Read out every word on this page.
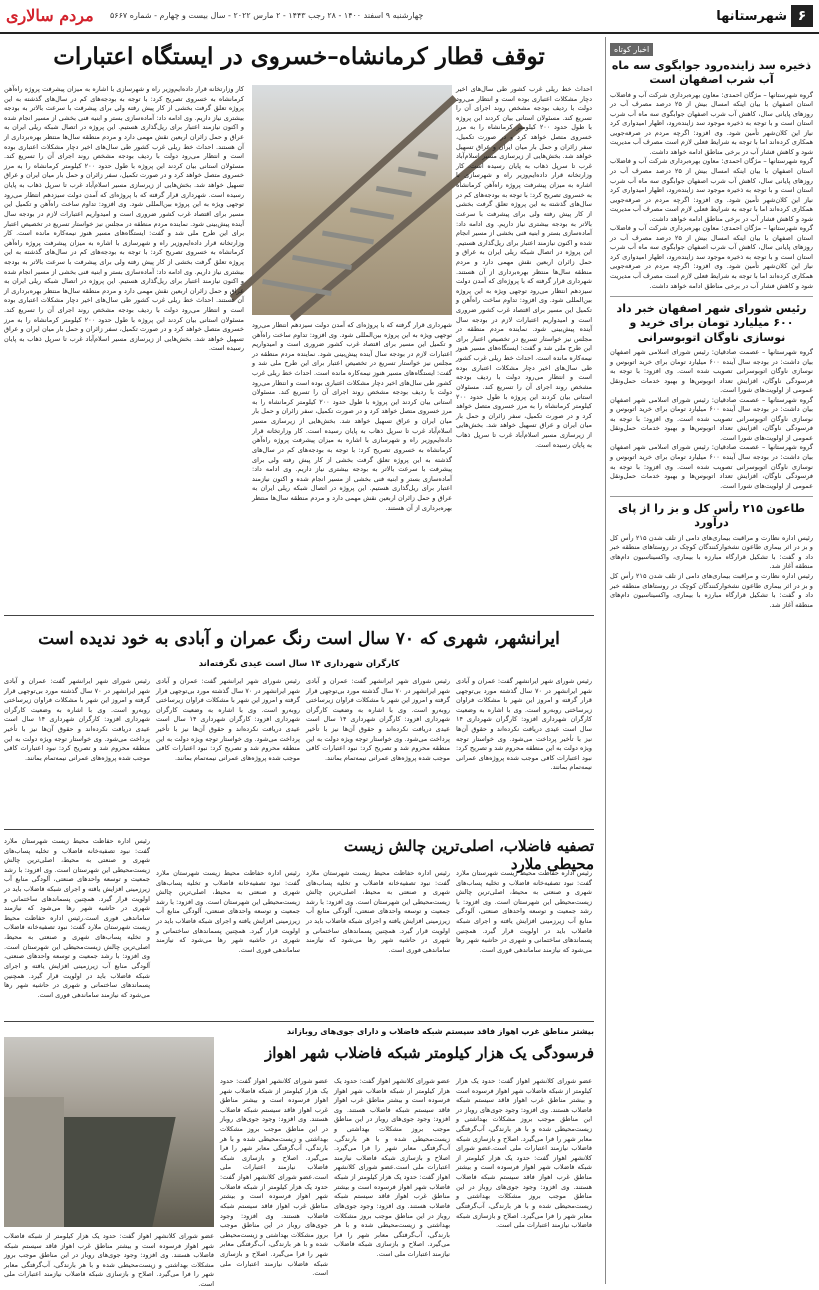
مردم سالاری چهارشنبه ۹ اسفند ۱۴۰۰ - ۲۸ رجب ۱۴۴۳ - ۲ مارس ۲۰۲۲ - سال بیست و چهارم - شماره ۵۶۶۷	شهرستانها ۶
اخبار کوتاه
ذخیره سد زاینده‌رود جوابگوی سه ماه آب شرب اصفهان است
گروه شهرستانها – مژگان احمدی: معاون بهره‌برداری شرکت آب و فاضلاب استان اصفهان با بیان اینکه امسال بیش از ۲۵ درصد مصرف آب در روزهای پایانی سال، کاهش آب شرب اصفهان جوابگوی سه ماه آب شرب استان است و با توجه به ذخیره موجود سد زاینده‌رود، اظهار امیدواری کرد نیاز این کلان‌شهر تأمین شود. وی افزود: اگرچه مردم در صرفه‌جویی همکاری کرده‌اند اما با توجه به شرایط فعلی لازم است مصرف آب مدیریت شود و کاهش فشار آب در برخی مناطق ادامه خواهد داشت.
گروه شهرستانها – مژگان احمدی: معاون بهره‌برداری شرکت آب و فاضلاب استان اصفهان با بیان اینکه امسال بیش از ۲۵ درصد مصرف آب در روزهای پایانی سال، کاهش آب شرب اصفهان جوابگوی سه ماه آب شرب استان است و با توجه به ذخیره موجود سد زاینده‌رود، اظهار امیدواری کرد نیاز این کلان‌شهر تأمین شود. وی افزود: اگرچه مردم در صرفه‌جویی همکاری کرده‌اند اما با توجه به شرایط فعلی لازم است مصرف آب مدیریت شود و کاهش فشار آب در برخی مناطق ادامه خواهد داشت.
گروه شهرستانها – مژگان احمدی: معاون بهره‌برداری شرکت آب و فاضلاب استان اصفهان با بیان اینکه امسال بیش از ۲۵ درصد مصرف آب در روزهای پایانی سال، کاهش آب شرب اصفهان جوابگوی سه ماه آب شرب استان است و با توجه به ذخیره موجود سد زاینده‌رود، اظهار امیدواری کرد نیاز این کلان‌شهر تأمین شود. وی افزود: اگرچه مردم در صرفه‌جویی همکاری کرده‌اند اما با توجه به شرایط فعلی لازم است مصرف آب مدیریت شود و کاهش فشار آب در برخی مناطق ادامه خواهد داشت.
رئیس شورای شهر اصفهان خبر داد ۶۰۰ میلیارد تومان برای خرید و نوسازی ناوگان اتوبوسرانی
گروه شهرستانها – عصمت صادقیان: رئیس شورای اسلامی شهر اصفهان بیان داشت: در بودجه سال آینده ۶۰۰ میلیارد تومان برای خرید اتوبوس و نوسازی ناوگان اتوبوسرانی تصویب شده است. وی افزود: با توجه به فرسودگی ناوگان، افزایش تعداد اتوبوس‌ها و بهبود خدمات حمل‌ونقل عمومی از اولویت‌های شورا است.
گروه شهرستانها – عصمت صادقیان: رئیس شورای اسلامی شهر اصفهان بیان داشت: در بودجه سال آینده ۶۰۰ میلیارد تومان برای خرید اتوبوس و نوسازی ناوگان اتوبوسرانی تصویب شده است. وی افزود: با توجه به فرسودگی ناوگان، افزایش تعداد اتوبوس‌ها و بهبود خدمات حمل‌ونقل عمومی از اولویت‌های شورا است.
گروه شهرستانها – عصمت صادقیان: رئیس شورای اسلامی شهر اصفهان بیان داشت: در بودجه سال آینده ۶۰۰ میلیارد تومان برای خرید اتوبوس و نوسازی ناوگان اتوبوسرانی تصویب شده است. وی افزود: با توجه به فرسودگی ناوگان، افزایش تعداد اتوبوس‌ها و بهبود خدمات حمل‌ونقل عمومی از اولویت‌های شورا است.
طاعون ۲۱۵ رأس کل و بز را از پای درآورد
رئیس اداره نظارت و مراقبت بیماری‌های دامی از تلف شدن ۲۱۵ رأس کل و بز در اثر بیماری طاعون نشخوارکنندگان کوچک در روستاهای منطقه خبر داد و گفت: با تشکیل قرارگاه مبارزه با بیماری، واکسیناسیون دام‌های منطقه آغاز شد.
رئیس اداره نظارت و مراقبت بیماری‌های دامی از تلف شدن ۲۱۵ رأس کل و بز در اثر بیماری طاعون نشخوارکنندگان کوچک در روستاهای منطقه خبر داد و گفت: با تشکیل قرارگاه مبارزه با بیماری، واکسیناسیون دام‌های منطقه آغاز شد.
توقف قطار کرمانشاه–خسروی در ایستگاه اعتبارات
احداث خط ریلی غرب کشور طی سال‌های اخیر دچار مشکلات اعتباری بوده است و انتظار می‌رود دولت با ردیف بودجه مشخص روند اجرای آن را تسریع کند. مسئولان استانی بیان کردند این پروژه با طول حدود ۲۰۰ کیلومتر کرمانشاه را به مرز خسروی متصل خواهد کرد و در صورت تکمیل، سفر زائران و حمل بار میان ایران و عراق تسهیل خواهد شد. بخش‌هایی از زیرسازی مسیر اسلام‌آباد غرب تا سرپل ذهاب به پایان رسیده است. کار وزارتخانه قرار داده‌ایم‌وزیر راه و شهرسازی با اشاره به میزان پیشرفت پروژه راه‌آهن کرمانشاه به خسروی تصریح کرد: با توجه به بودجه‌های کم در سال‌های گذشته به این پروژه تعلق گرفت بخشی از کار پیش رفته ولی برای پیشرفت با سرعت بالاتر به بودجه بیشتری نیاز داریم. وی ادامه داد: آماده‌سازی بستر و ابنیه فنی بخشی از مسیر انجام شده و اکنون نیازمند اعتبار برای ریل‌گذاری هستیم. این پروژه در اتصال شبکه ریلی ایران به عراق و حمل زائران اربعین نقش مهمی دارد و مردم منطقه سال‌ها منتظر بهره‌برداری از آن هستند. شهرداری قرار گرفته که با پروژه‌ای که آمدن دولت سیزدهم انتظار می‌رود توجهی ویژه به این پروژه بین‌المللی شود. وی افزود: تداوم ساخت راه‌آهن و تکمیل این مسیر برای اقتصاد غرب کشور ضروری است و امیدواریم اعتبارات لازم در بودجه سال آینده پیش‌بینی شود. نماینده مردم منطقه در مجلس نیز خواستار تسریع در تخصیص اعتبار برای این طرح ملی شد و گفت: ایستگاه‌های مسیر هنوز نیمه‌کاره مانده است. احداث خط ریلی غرب کشور طی سال‌های اخیر دچار مشکلات اعتباری بوده است و انتظار می‌رود دولت با ردیف بودجه مشخص روند اجرای آن را تسریع کند. مسئولان استانی بیان کردند این پروژه با طول حدود ۲۰۰ کیلومتر کرمانشاه را به مرز خسروی متصل خواهد کرد و در صورت تکمیل، سفر زائران و حمل بار میان ایران و عراق تسهیل خواهد شد. بخش‌هایی از زیرسازی مسیر اسلام‌آباد غرب تا سرپل ذهاب به پایان رسیده است.
شهرداری قرار گرفته که با پروژه‌ای که آمدن دولت سیزدهم انتظار می‌رود توجهی ویژه به این پروژه بین‌المللی شود. وی افزود: تداوم ساخت راه‌آهن و تکمیل این مسیر برای اقتصاد غرب کشور ضروری است و امیدواریم اعتبارات لازم در بودجه سال آینده پیش‌بینی شود. نماینده مردم منطقه در مجلس نیز خواستار تسریع در تخصیص اعتبار برای این طرح ملی شد و گفت: ایستگاه‌های مسیر هنوز نیمه‌کاره مانده است. احداث خط ریلی غرب کشور طی سال‌های اخیر دچار مشکلات اعتباری بوده است و انتظار می‌رود دولت با ردیف بودجه مشخص روند اجرای آن را تسریع کند. مسئولان استانی بیان کردند این پروژه با طول حدود ۲۰۰ کیلومتر کرمانشاه را به مرز خسروی متصل خواهد کرد و در صورت تکمیل، سفر زائران و حمل بار میان ایران و عراق تسهیل خواهد شد. بخش‌هایی از زیرسازی مسیر اسلام‌آباد غرب تا سرپل ذهاب به پایان رسیده است. کار وزارتخانه قرار داده‌ایم‌وزیر راه و شهرسازی با اشاره به میزان پیشرفت پروژه راه‌آهن کرمانشاه به خسروی تصریح کرد: با توجه به بودجه‌های کم در سال‌های گذشته به این پروژه تعلق گرفت بخشی از کار پیش رفته ولی برای پیشرفت با سرعت بالاتر به بودجه بیشتری نیاز داریم. وی ادامه داد: آماده‌سازی بستر و ابنیه فنی بخشی از مسیر انجام شده و اکنون نیازمند اعتبار برای ریل‌گذاری هستیم. این پروژه در اتصال شبکه ریلی ایران به عراق و حمل زائران اربعین نقش مهمی دارد و مردم منطقه سال‌ها منتظر بهره‌برداری از آن هستند.
کار وزارتخانه قرار داده‌ایم‌وزیر راه و شهرسازی با اشاره به میزان پیشرفت پروژه راه‌آهن کرمانشاه به خسروی تصریح کرد: با توجه به بودجه‌های کم در سال‌های گذشته به این پروژه تعلق گرفت بخشی از کار پیش رفته ولی برای پیشرفت با سرعت بالاتر به بودجه بیشتری نیاز داریم. وی ادامه داد: آماده‌سازی بستر و ابنیه فنی بخشی از مسیر انجام شده و اکنون نیازمند اعتبار برای ریل‌گذاری هستیم. این پروژه در اتصال شبکه ریلی ایران به عراق و حمل زائران اربعین نقش مهمی دارد و مردم منطقه سال‌ها منتظر بهره‌برداری از آن هستند. احداث خط ریلی غرب کشور طی سال‌های اخیر دچار مشکلات اعتباری بوده است و انتظار می‌رود دولت با ردیف بودجه مشخص روند اجرای آن را تسریع کند. مسئولان استانی بیان کردند این پروژه با طول حدود ۲۰۰ کیلومتر کرمانشاه را به مرز خسروی متصل خواهد کرد و در صورت تکمیل، سفر زائران و حمل بار میان ایران و عراق تسهیل خواهد شد. بخش‌هایی از زیرسازی مسیر اسلام‌آباد غرب تا سرپل ذهاب به پایان رسیده است. شهرداری قرار گرفته که با پروژه‌ای که آمدن دولت سیزدهم انتظار می‌رود توجهی ویژه به این پروژه بین‌المللی شود. وی افزود: تداوم ساخت راه‌آهن و تکمیل این مسیر برای اقتصاد غرب کشور ضروری است و امیدواریم اعتبارات لازم در بودجه سال آینده پیش‌بینی شود. نماینده مردم منطقه در مجلس نیز خواستار تسریع در تخصیص اعتبار برای این طرح ملی شد و گفت: ایستگاه‌های مسیر هنوز نیمه‌کاره مانده است. کار وزارتخانه قرار داده‌ایم‌وزیر راه و شهرسازی با اشاره به میزان پیشرفت پروژه راه‌آهن کرمانشاه به خسروی تصریح کرد: با توجه به بودجه‌های کم در سال‌های گذشته به این پروژه تعلق گرفت بخشی از کار پیش رفته ولی برای پیشرفت با سرعت بالاتر به بودجه بیشتری نیاز داریم. وی ادامه داد: آماده‌سازی بستر و ابنیه فنی بخشی از مسیر انجام شده و اکنون نیازمند اعتبار برای ریل‌گذاری هستیم. این پروژه در اتصال شبکه ریلی ایران به عراق و حمل زائران اربعین نقش مهمی دارد و مردم منطقه سال‌ها منتظر بهره‌برداری از آن هستند. احداث خط ریلی غرب کشور طی سال‌های اخیر دچار مشکلات اعتباری بوده است و انتظار می‌رود دولت با ردیف بودجه مشخص روند اجرای آن را تسریع کند. مسئولان استانی بیان کردند این پروژه با طول حدود ۲۰۰ کیلومتر کرمانشاه را به مرز خسروی متصل خواهد کرد و در صورت تکمیل، سفر زائران و حمل بار میان ایران و عراق تسهیل خواهد شد. بخش‌هایی از زیرسازی مسیر اسلام‌آباد غرب تا سرپل ذهاب به پایان رسیده است.
ایرانشهر، شهری که ۷۰ سال است رنگ عمران و آبادی به خود ندیده است
کارگران شهرداری ۱۴ سال است عیدی نگرفته‌اند
رئیس شورای شهر ایرانشهر گفت: عمران و آبادی شهر ایرانشهر در ۷۰ سال گذشته مورد بی‌توجهی قرار گرفته و امروز این شهر با مشکلات فراوان زیرساختی روبه‌رو است. وی با اشاره به وضعیت کارگران شهرداری افزود: کارگران شهرداری ۱۴ سال است عیدی دریافت نکرده‌اند و حقوق آن‌ها نیز با تأخیر پرداخت می‌شود. وی خواستار توجه ویژه دولت به این منطقه محروم شد و تصریح کرد: نبود اعتبارات کافی موجب شده پروژه‌های عمرانی نیمه‌تمام بمانند.
رئیس شورای شهر ایرانشهر گفت: عمران و آبادی شهر ایرانشهر در ۷۰ سال گذشته مورد بی‌توجهی قرار گرفته و امروز این شهر با مشکلات فراوان زیرساختی روبه‌رو است. وی با اشاره به وضعیت کارگران شهرداری افزود: کارگران شهرداری ۱۴ سال است عیدی دریافت نکرده‌اند و حقوق آن‌ها نیز با تأخیر پرداخت می‌شود. وی خواستار توجه ویژه دولت به این منطقه محروم شد و تصریح کرد: نبود اعتبارات کافی موجب شده پروژه‌های عمرانی نیمه‌تمام بمانند.
رئیس شورای شهر ایرانشهر گفت: عمران و آبادی شهر ایرانشهر در ۷۰ سال گذشته مورد بی‌توجهی قرار گرفته و امروز این شهر با مشکلات فراوان زیرساختی روبه‌رو است. وی با اشاره به وضعیت کارگران شهرداری افزود: کارگران شهرداری ۱۴ سال است عیدی دریافت نکرده‌اند و حقوق آن‌ها نیز با تأخیر پرداخت می‌شود. وی خواستار توجه ویژه دولت به این منطقه محروم شد و تصریح کرد: نبود اعتبارات کافی موجب شده پروژه‌های عمرانی نیمه‌تمام بمانند.
رئیس شورای شهر ایرانشهر گفت: عمران و آبادی شهر ایرانشهر در ۷۰ سال گذشته مورد بی‌توجهی قرار گرفته و امروز این شهر با مشکلات فراوان زیرساختی روبه‌رو است. وی با اشاره به وضعیت کارگران شهرداری افزود: کارگران شهرداری ۱۴ سال است عیدی دریافت نکرده‌اند و حقوق آن‌ها نیز با تأخیر پرداخت می‌شود. وی خواستار توجه ویژه دولت به این منطقه محروم شد و تصریح کرد: نبود اعتبارات کافی موجب شده پروژه‌های عمرانی نیمه‌تمام بمانند.
تصفیه فاضلاب، اصلی‌ترین چالش زیست محیطی ملارد
رئیس اداره حفاظت محیط زیست شهرستان ملارد گفت: نبود تصفیه‌خانه فاضلاب و تخلیه پساب‌های شهری و صنعتی به محیط، اصلی‌ترین چالش زیست‌محیطی این شهرستان است. وی افزود: با رشد جمعیت و توسعه واحدهای صنعتی، آلودگی منابع آب زیرزمینی افزایش یافته و اجرای شبکه فاضلاب باید در اولویت قرار گیرد. همچنین پسماندهای ساختمانی و شهری در حاشیه شهر رها می‌شود که نیازمند ساماندهی فوری است.
رئیس اداره حفاظت محیط زیست شهرستان ملارد گفت: نبود تصفیه‌خانه فاضلاب و تخلیه پساب‌های شهری و صنعتی به محیط، اصلی‌ترین چالش زیست‌محیطی این شهرستان است. وی افزود: با رشد جمعیت و توسعه واحدهای صنعتی، آلودگی منابع آب زیرزمینی افزایش یافته و اجرای شبکه فاضلاب باید در اولویت قرار گیرد. همچنین پسماندهای ساختمانی و شهری در حاشیه شهر رها می‌شود که نیازمند ساماندهی فوری است.
رئیس اداره حفاظت محیط زیست شهرستان ملارد گفت: نبود تصفیه‌خانه فاضلاب و تخلیه پساب‌های شهری و صنعتی به محیط، اصلی‌ترین چالش زیست‌محیطی این شهرستان است. وی افزود: با رشد جمعیت و توسعه واحدهای صنعتی، آلودگی منابع آب زیرزمینی افزایش یافته و اجرای شبکه فاضلاب باید در اولویت قرار گیرد. همچنین پسماندهای ساختمانی و شهری در حاشیه شهر رها می‌شود که نیازمند ساماندهی فوری است.
رئیس اداره حفاظت محیط زیست شهرستان ملارد گفت: نبود تصفیه‌خانه فاضلاب و تخلیه پساب‌های شهری و صنعتی به محیط، اصلی‌ترین چالش زیست‌محیطی این شهرستان است. وی افزود: با رشد جمعیت و توسعه واحدهای صنعتی، آلودگی منابع آب زیرزمینی افزایش یافته و اجرای شبکه فاضلاب باید در اولویت قرار گیرد. همچنین پسماندهای ساختمانی و شهری در حاشیه شهر رها می‌شود که نیازمند ساماندهی فوری است.رئیس اداره حفاظت محیط زیست شهرستان ملارد گفت: نبود تصفیه‌خانه فاضلاب و تخلیه پساب‌های شهری و صنعتی به محیط، اصلی‌ترین چالش زیست‌محیطی این شهرستان است. وی افزود: با رشد جمعیت و توسعه واحدهای صنعتی، آلودگی منابع آب زیرزمینی افزایش یافته و اجرای شبکه فاضلاب باید در اولویت قرار گیرد. همچنین پسماندهای ساختمانی و شهری در حاشیه شهر رها می‌شود که نیازمند ساماندهی فوری است.
بیشتر مناطق غرب اهواز فاقد سیستم شبکه فاضلاب و دارای جوی‌های روباز‌اند
فرسودگی یک هزار کیلومتر شبکه فاضلاب شهر اهواز
عضو شورای کلانشهر اهواز گفت: حدود یک هزار کیلومتر از شبکه فاضلاب شهر اهواز فرسوده است و بیشتر مناطق غرب اهواز فاقد سیستم شبکه فاضلاب هستند. وی افزود: وجود جوی‌های روباز در این مناطق موجب بروز مشکلات بهداشتی و زیست‌محیطی شده و با هر بارندگی، آب‌گرفتگی معابر شهر را فرا می‌گیرد. اصلاح و بازسازی شبکه فاضلاب نیازمند اعتبارات ملی است.عضو شورای کلانشهر اهواز گفت: حدود یک هزار کیلومتر از شبکه فاضلاب شهر اهواز فرسوده است و بیشتر مناطق غرب اهواز فاقد سیستم شبکه فاضلاب هستند. وی افزود: وجود جوی‌های روباز در این مناطق موجب بروز مشکلات بهداشتی و زیست‌محیطی شده و با هر بارندگی، آب‌گرفتگی معابر شهر را فرا می‌گیرد. اصلاح و بازسازی شبکه فاضلاب نیازمند اعتبارات ملی است.
عضو شورای کلانشهر اهواز گفت: حدود یک هزار کیلومتر از شبکه فاضلاب شهر اهواز فرسوده است و بیشتر مناطق غرب اهواز فاقد سیستم شبکه فاضلاب هستند. وی افزود: وجود جوی‌های روباز در این مناطق موجب بروز مشکلات بهداشتی و زیست‌محیطی شده و با هر بارندگی، آب‌گرفتگی معابر شهر را فرا می‌گیرد. اصلاح و بازسازی شبکه فاضلاب نیازمند اعتبارات ملی است.عضو شورای کلانشهر اهواز گفت: حدود یک هزار کیلومتر از شبکه فاضلاب شهر اهواز فرسوده است و بیشتر مناطق غرب اهواز فاقد سیستم شبکه فاضلاب هستند. وی افزود: وجود جوی‌های روباز در این مناطق موجب بروز مشکلات بهداشتی و زیست‌محیطی شده و با هر بارندگی، آب‌گرفتگی معابر شهر را فرا می‌گیرد. اصلاح و بازسازی شبکه فاضلاب نیازمند اعتبارات ملی است.
عضو شورای کلانشهر اهواز گفت: حدود یک هزار کیلومتر از شبکه فاضلاب شهر اهواز فرسوده است و بیشتر مناطق غرب اهواز فاقد سیستم شبکه فاضلاب هستند. وی افزود: وجود جوی‌های روباز در این مناطق موجب بروز مشکلات بهداشتی و زیست‌محیطی شده و با هر بارندگی، آب‌گرفتگی معابر شهر را فرا می‌گیرد. اصلاح و بازسازی شبکه فاضلاب نیازمند اعتبارات ملی است.عضو شورای کلانشهر اهواز گفت: حدود یک هزار کیلومتر از شبکه فاضلاب شهر اهواز فرسوده است و بیشتر مناطق غرب اهواز فاقد سیستم شبکه فاضلاب هستند. وی افزود: وجود جوی‌های روباز در این مناطق موجب بروز مشکلات بهداشتی و زیست‌محیطی شده و با هر بارندگی، آب‌گرفتگی معابر شهر را فرا می‌گیرد. اصلاح و بازسازی شبکه فاضلاب نیازمند اعتبارات ملی است.
عضو شورای کلانشهر اهواز گفت: حدود یک هزار کیلومتر از شبکه فاضلاب شهر اهواز فرسوده است و بیشتر مناطق غرب اهواز فاقد سیستم شبکه فاضلاب هستند. وی افزود: وجود جوی‌های روباز در این مناطق موجب بروز مشکلات بهداشتی و زیست‌محیطی شده و با هر بارندگی، آب‌گرفتگی معابر شهر را فرا می‌گیرد. اصلاح و بازسازی شبکه فاضلاب نیازمند اعتبارات ملی است.
